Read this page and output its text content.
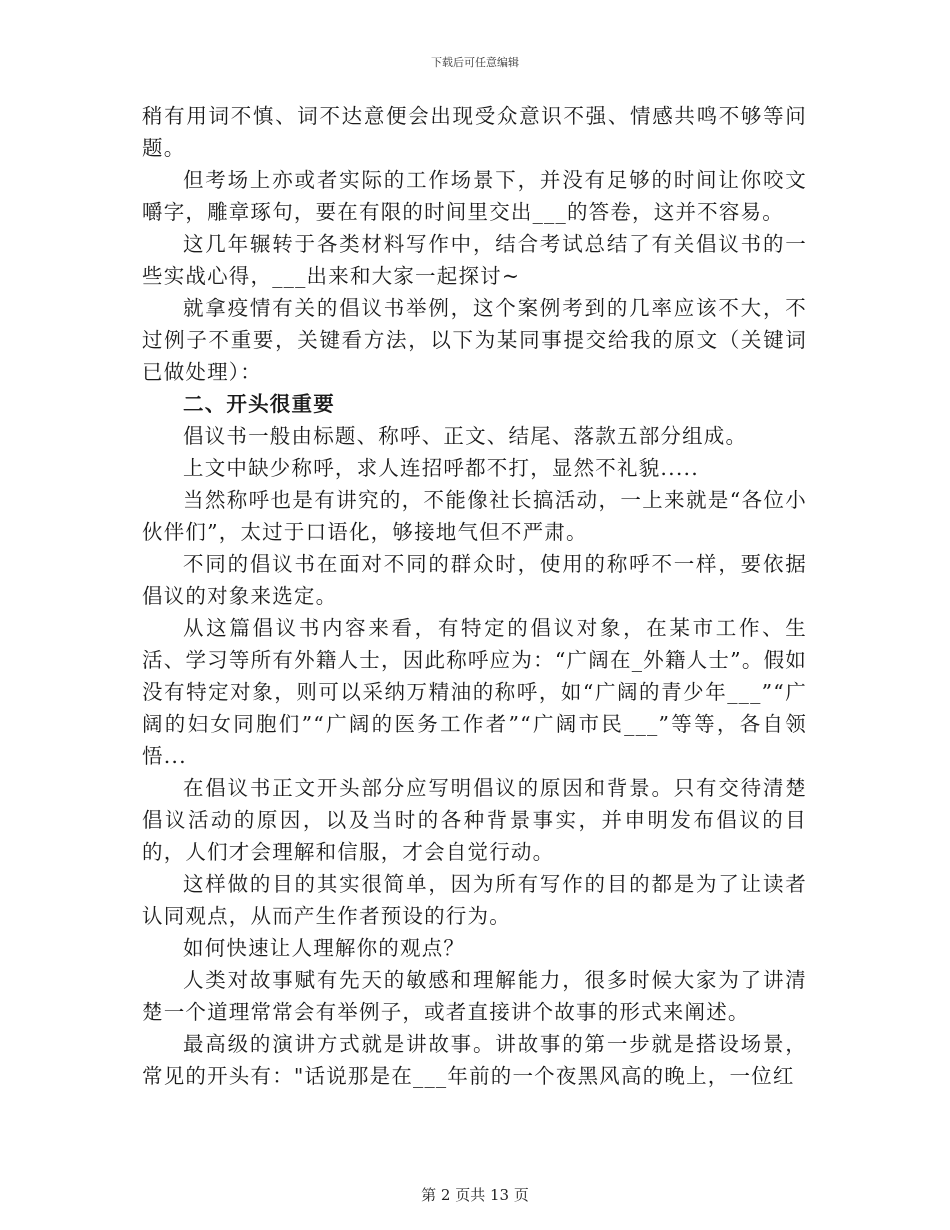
下载后可任意编辑

稍有用词不慎、词不达意便会出现受众意识不强、情感共鸣不够等问题。

但考场上亦或者实际的工作场景下，并没有足够的时间让你咬文嚼字，雕章琢句，要在有限的时间里交出___的答卷，这并不容易。

这几年辗转于各类材料写作中，结合考试总结了有关倡议书的一些实战心得，___出来和大家一起探讨~

就拿疫情有关的倡议书举例，这个案例考到的几率应该不大，不过例子不重要，关键看方法，以下为某同事提交给我的原文（关键词已做处理）：

二、开头很重要

倡议书一般由标题、称呼、正文、结尾、落款五部分组成。

上文中缺少称呼，求人连招呼都不打，显然不礼貌.....

当然称呼也是有讲究的，不能像社长搞活动，一上来就是“各位小伙伴们”，太过于口语化，够接地气但不严肃。

不同的倡议书在面对不同的群众时，使用的称呼不一样，要依据倡议的对象来选定。

从这篇倡议书内容来看，有特定的倡议对象，在某市工作、生活、学习等所有外籍人士，因此称呼应为：“广阔在_外籍人士”。假如没有特定对象，则可以采纳万精油的称呼，如“广阔的青少年___”“广阔的妇女同胞们”“广阔的医务工作者”“广阔市民___”等等，各自领悟...

在倡议书正文开头部分应写明倡议的原因和背景。只有交待清楚倡议活动的原因，以及当时的各种背景事实，并申明发布倡议的目的，人们才会理解和信服，才会自觉行动。

这样做的目的其实很简单，因为所有写作的目的都是为了让读者认同观点，从而产生作者预设的行为。

如何快速让人理解你的观点？

人类对故事赋有先天的敏感和理解能力，很多时候大家为了讲清楚一个道理常常会有举例子，或者直接讲个故事的形式来阐述。

最高级的演讲方式就是讲故事。讲故事的第一步就是搭设场景，常见的开头有："话说那是在___年前的一个夜黑风高的晚上，一位红

第 2 页共 13 页
